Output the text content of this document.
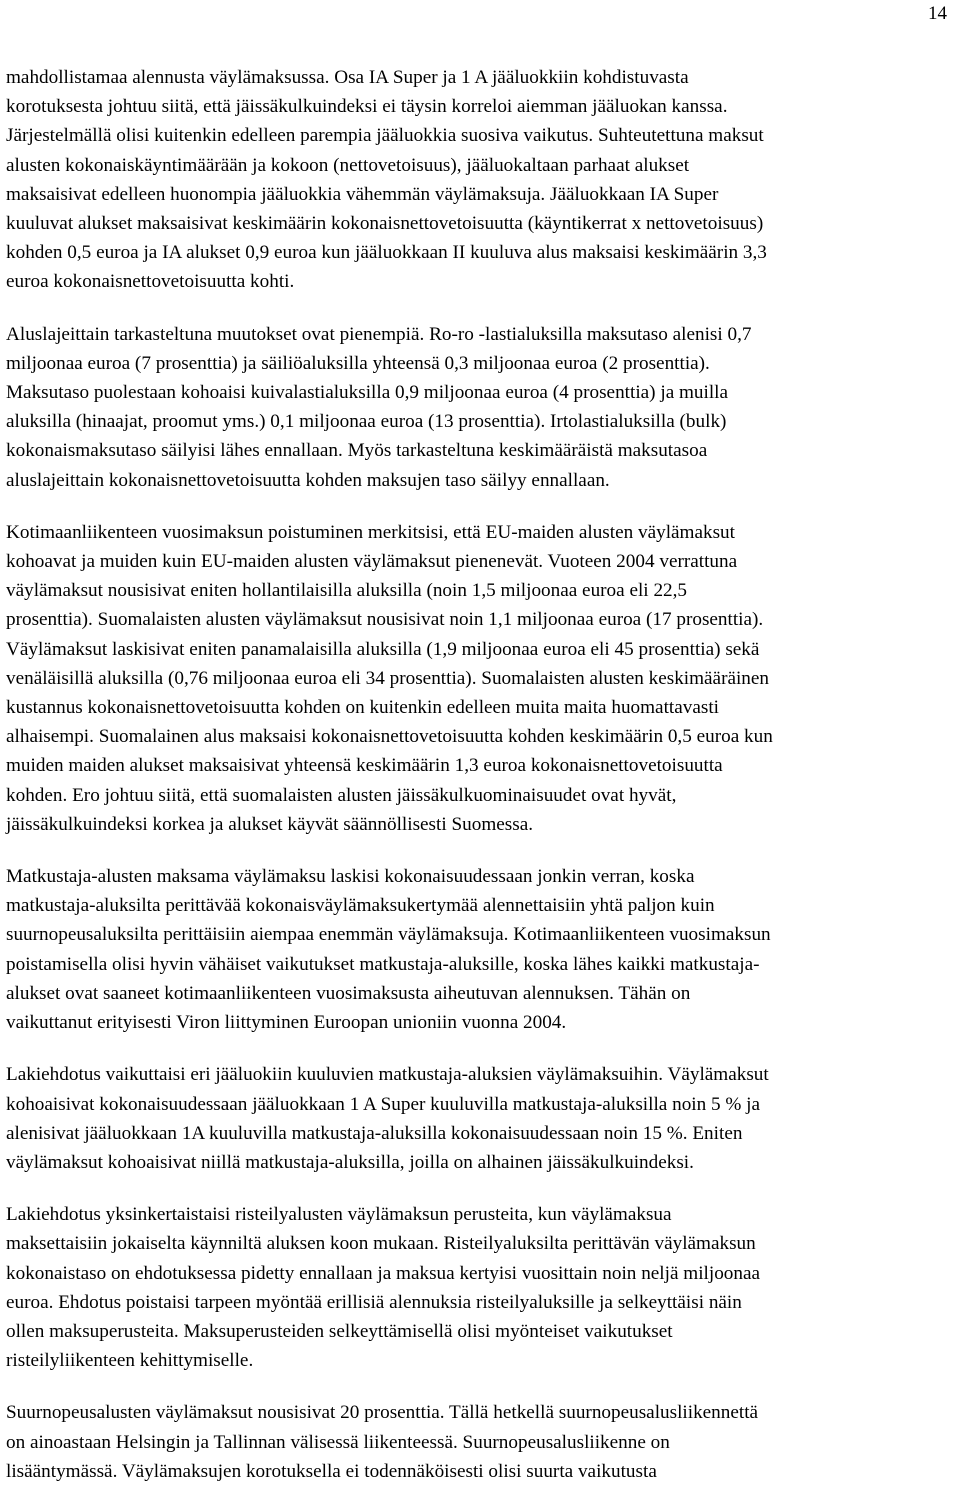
14

mahdollistamaa alennusta väylämaksussa. Osa IA Super ja 1 A jääluokkiin kohdistuvasta
korotuksesta johtuu siitä, että jäissäkulkuindeksi ei täysin korreloi aiemman jääluokan kanssa.
Järjestelmällä olisi kuitenkin edelleen parempia jääluokkia suosiva vaikutus. Suhteutettuna maksut
alusten kokonaiskäyntimäärään ja kokoon (nettovetoisuus), jääluokaltaan parhaat alukset
maksaisivat edelleen huonompia jääluokkia vähemmän väylämaksuja. Jääluokkaan IA Super
kuuluvat alukset maksaisivat keskimäärin kokonaisnettovetoisuutta (käyntikerrat x nettovetoisuus)
kohden 0,5 euroa ja IA alukset 0,9 euroa kun jääluokkaan II kuuluva alus maksaisi keskimäärin 3,3
euroa kokonaisnettovetoisuutta kohti.

Aluslajeittain tarkasteltuna muutokset ovat pienempiä. Ro-ro -lastialuksilla maksutaso alenisi 0,7
miljoonaa euroa (7 prosenttia) ja säiliöaluksilla yhteensä 0,3 miljoonaa euroa (2 prosenttia).
Maksutaso puolestaan kohoaisi kuivalastialuksilla 0,9 miljoonaa euroa (4 prosenttia) ja muilla
aluksilla (hinaajat, proomut yms.) 0,1 miljoonaa euroa (13 prosenttia). Irtolastialuksilla (bulk)
kokonaismaksutaso säilyisi lähes ennallaan. Myös tarkasteltuna keskimääräistä maksutasoa
aluslajeittain kokonaisnettovetoisuutta kohden maksujen taso säilyy ennallaan.

Kotimaanliikenteen vuosimaksun poistuminen merkitsisi, että EU-maiden alusten väylämaksut
kohoavat ja muiden kuin EU-maiden alusten väylämaksut pienenevät. Vuoteen 2004 verrattuna
väylämaksut nousisivat eniten hollantilaisilla aluksilla (noin 1,5 miljoonaa euroa eli 22,5
prosenttia). Suomalaisten alusten väylämaksut nousisivat noin 1,1 miljoonaa euroa (17 prosenttia).
Väylämaksut laskisivat eniten panamalaisilla aluksilla (1,9 miljoonaa euroa eli 45 prosenttia) sekä
venäläisillä aluksilla (0,76 miljoonaa euroa eli 34 prosenttia). Suomalaisten alusten keskimääräinen
kustannus kokonaisnettovetoisuutta kohden on kuitenkin edelleen muita maita huomattavasti
alhaisempi. Suomalainen alus maksaisi kokonaisnettovetoisuutta kohden keskimäärin 0,5 euroa kun
muiden maiden alukset maksaisivat yhteensä keskimäärin 1,3 euroa kokonaisnettovetoisuutta
kohden. Ero johtuu siitä, että suomalaisten alusten jäissäkulkuominaisuudet ovat hyvät,
jäissäkulkuindeksi korkea ja alukset käyvät säännöllisesti Suomessa.

Matkustaja-alusten maksama väylämaksu laskisi kokonaisuudessaan jonkin verran, koska
matkustaja-aluksilta perittävää kokonaisväylämaksukertymää alennettaisiin yhtä paljon kuin
suurnopeusaluksilta perittäisiin aiempaa enemmän väylämaksuja. Kotimaanliikenteen vuosimaksun
poistamisella olisi hyvin vähäiset vaikutukset matkustaja-aluksille, koska lähes kaikki matkustaja-
alukset ovat saaneet kotimaanliikenteen vuosimaksusta aiheutuvan alennuksen. Tähän on
vaikuttanut erityisesti Viron liittyminen Euroopan unioniin vuonna 2004.

Lakiehdotus vaikuttaisi eri jääluokiin kuuluvien matkustaja-aluksien väylämaksuihin. Väylämaksut
kohoaisivat kokonaisuudessaan jääluokkaan 1 A Super kuuluvilla matkustaja-aluksilla noin 5 % ja
alenisivat jääluokkaan 1A kuuluvilla matkustaja-aluksilla kokonaisuudessaan noin 15 %. Eniten
väylämaksut kohoaisivat niillä matkustaja-aluksilla, joilla on alhainen jäissäkulkuindeksi.

Lakiehdotus yksinkertaistaisi risteilyalusten väylämaksun perusteita, kun väylämaksua
maksettaisiin jokaiselta käynniltä aluksen koon mukaan. Risteilyaluksilta perittävän väylämaksun
kokonaistaso on ehdotuksessa pidetty ennallaan ja maksua kertyisi vuosittain noin neljä miljoonaa
euroa. Ehdotus poistaisi tarpeen myöntää erillisiä alennuksia risteilyaluksille ja selkeyttäisi näin
ollen maksuperusteita. Maksuperusteiden selkeyttämisellä olisi myönteiset vaikutukset
risteilyliikenteen kehittymiselle.

Suurnopeusalusten väylämaksut nousisivat 20 prosenttia. Tällä hetkellä suurnopeusalusliikennettä
on ainoastaan Helsingin ja Tallinnan välisessä liikenteessä. Suurnopeusalusliikenne on
lisääntymässä. Väylämaksujen korotuksella ei todennäköisesti olisi suurta vaikutusta
